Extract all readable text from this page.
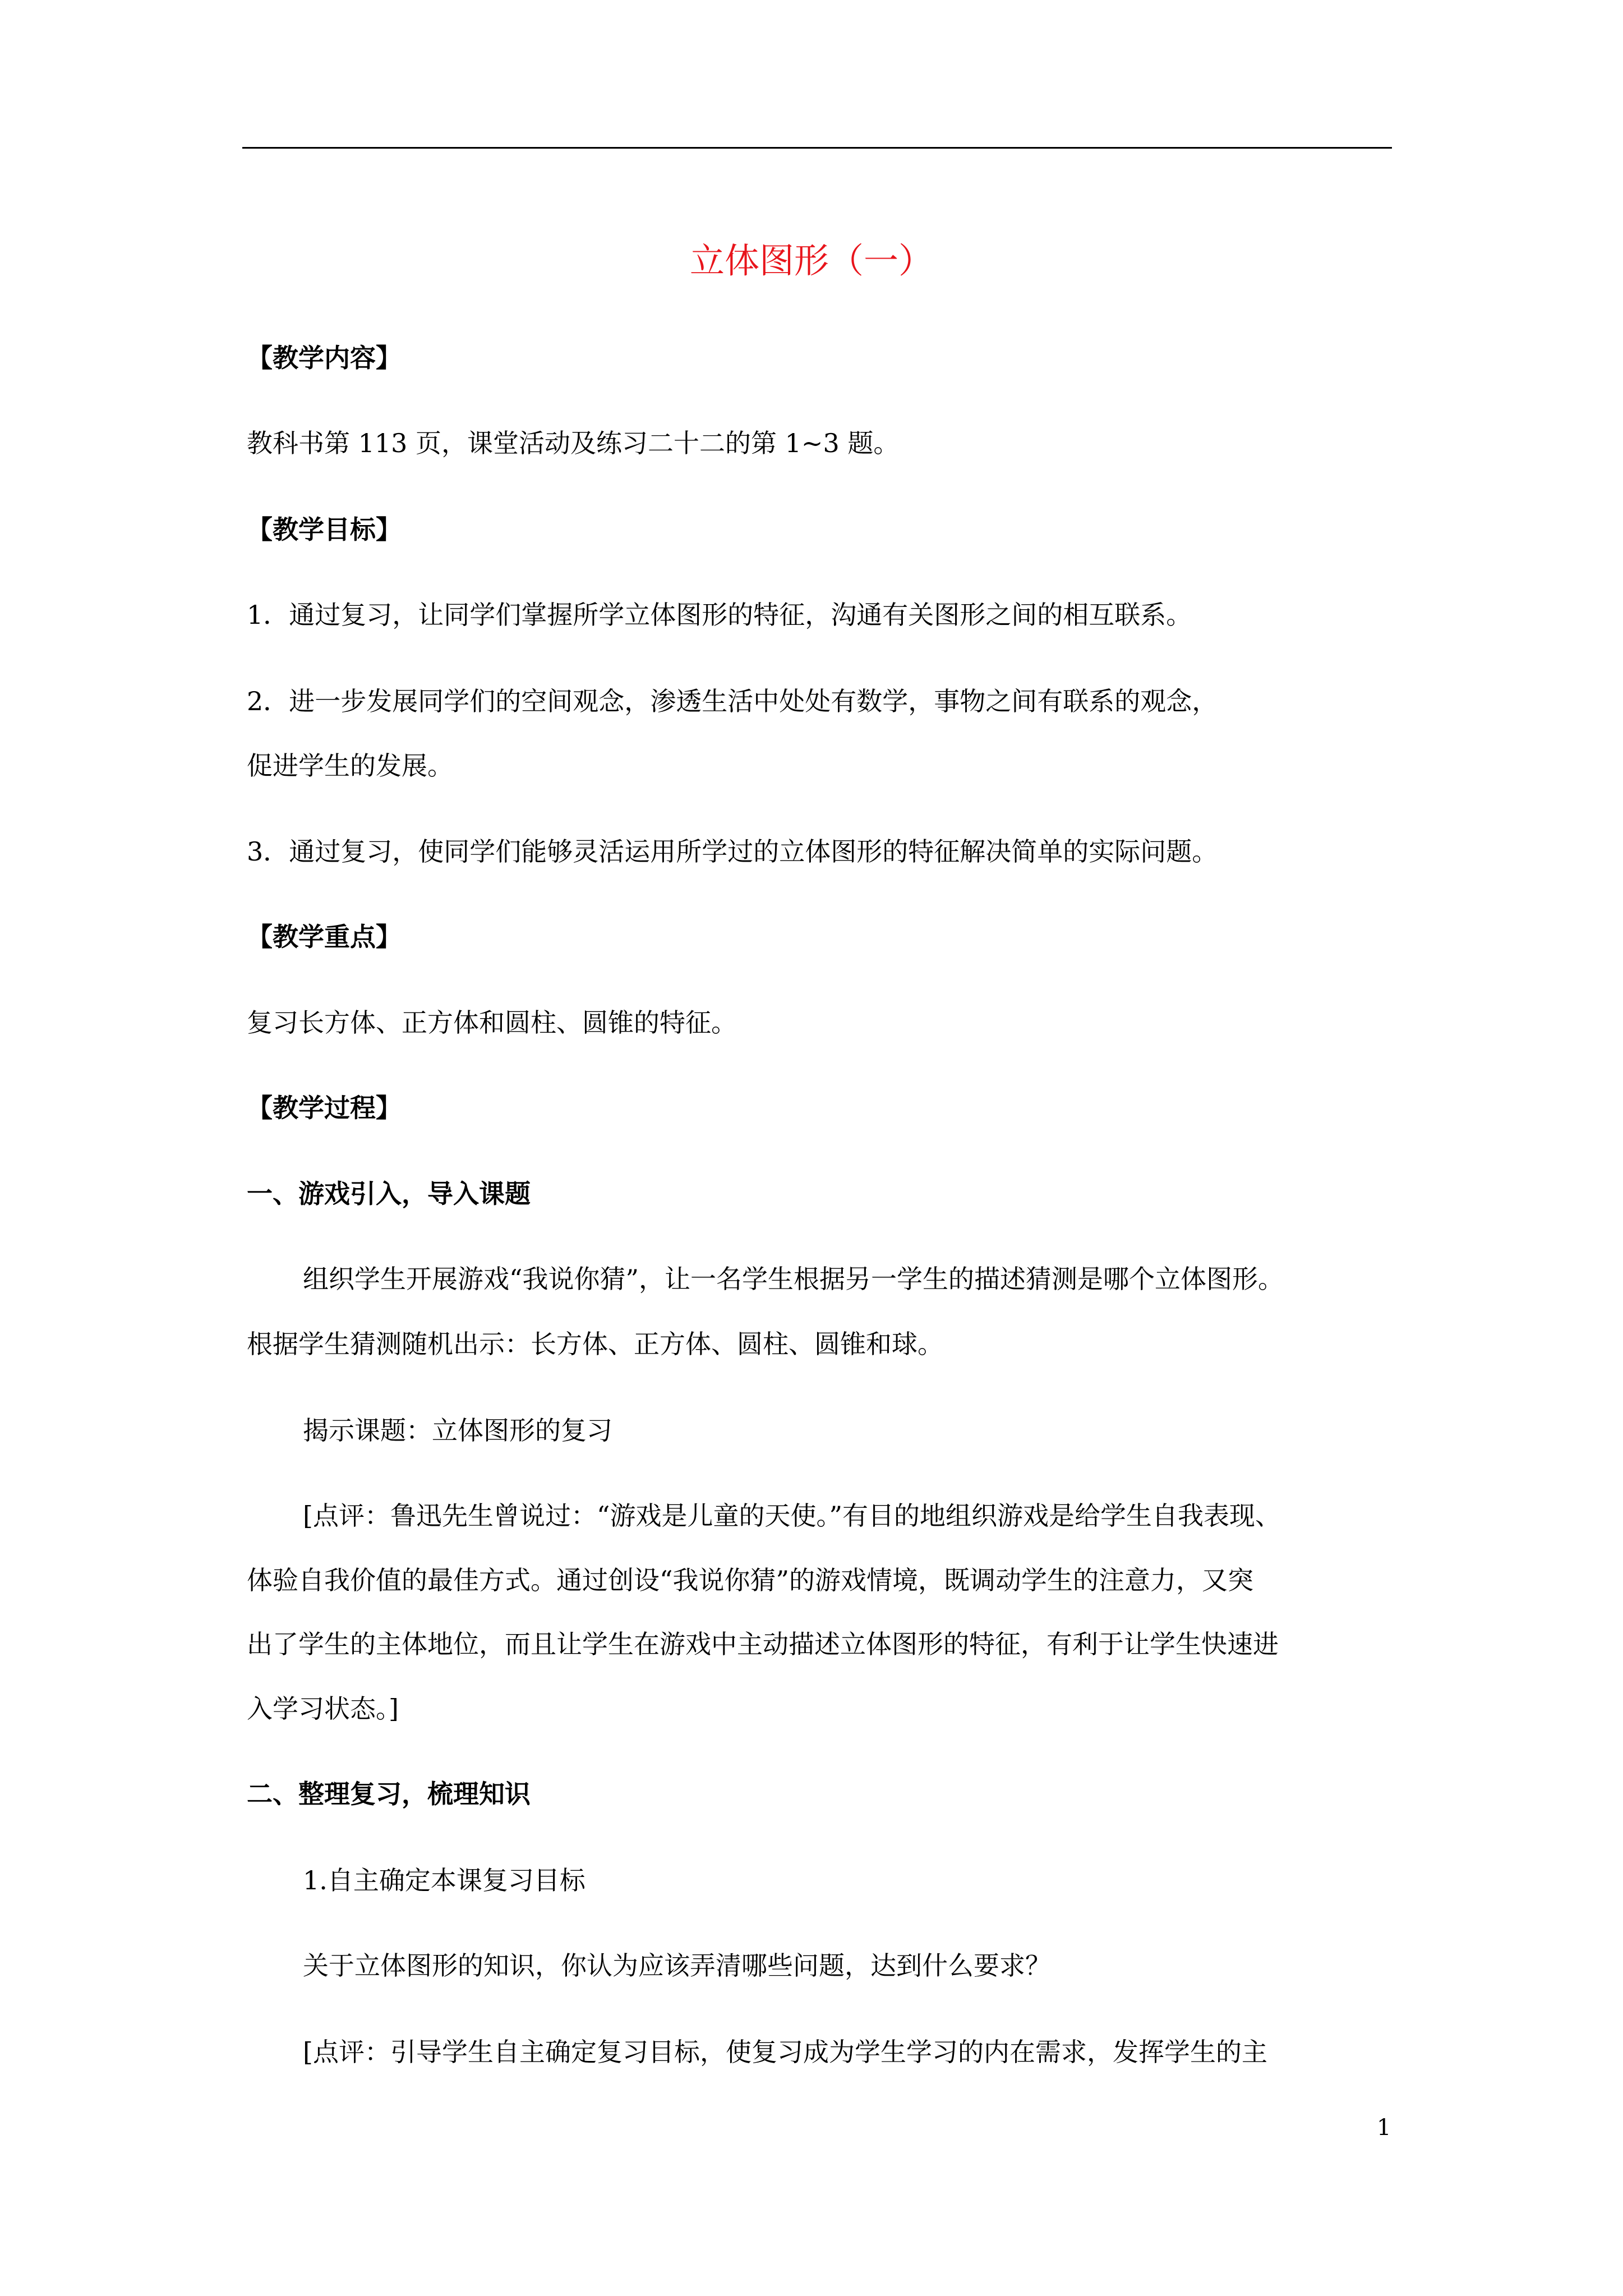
立体图形（一）
【教学内容】
教科书第 113 页，课堂活动及练习二十二的第 1~3 题。
【教学目标】
1．通过复习，让同学们掌握所学立体图形的特征，沟通有关图形之间的相互联系。
2．进一步发展同学们的空间观念，渗透生活中处处有数学，事物之间有联系的观念，
促进学生的发展。
3．通过复习，使同学们能够灵活运用所学过的立体图形的特征解决简单的实际问题。
【教学重点】
复习长方体、正方体和圆柱、圆锥的特征。
【教学过程】
一、游戏引入，导入课题
组织学生开展游戏“我说你猜”，让一名学生根据另一学生的描述猜测是哪个立体图形。
根据学生猜测随机出示：长方体、正方体、圆柱、圆锥和球。
揭示课题：立体图形的复习
[点评：鲁迅先生曾说过：“游戏是儿童的天使。”有目的地组织游戏是给学生自我表现、
体验自我价值的最佳方式。通过创设“我说你猜”的游戏情境，既调动学生的注意力，又突
出了学生的主体地位，而且让学生在游戏中主动描述立体图形的特征，有利于让学生快速进
入学习状态。]
二、整理复习，梳理知识
1.自主确定本课复习目标
关于立体图形的知识，你认为应该弄清哪些问题，达到什么要求？
[点评：引导学生自主确定复习目标，使复习成为学生学习的内在需求，发挥学生的主
1
